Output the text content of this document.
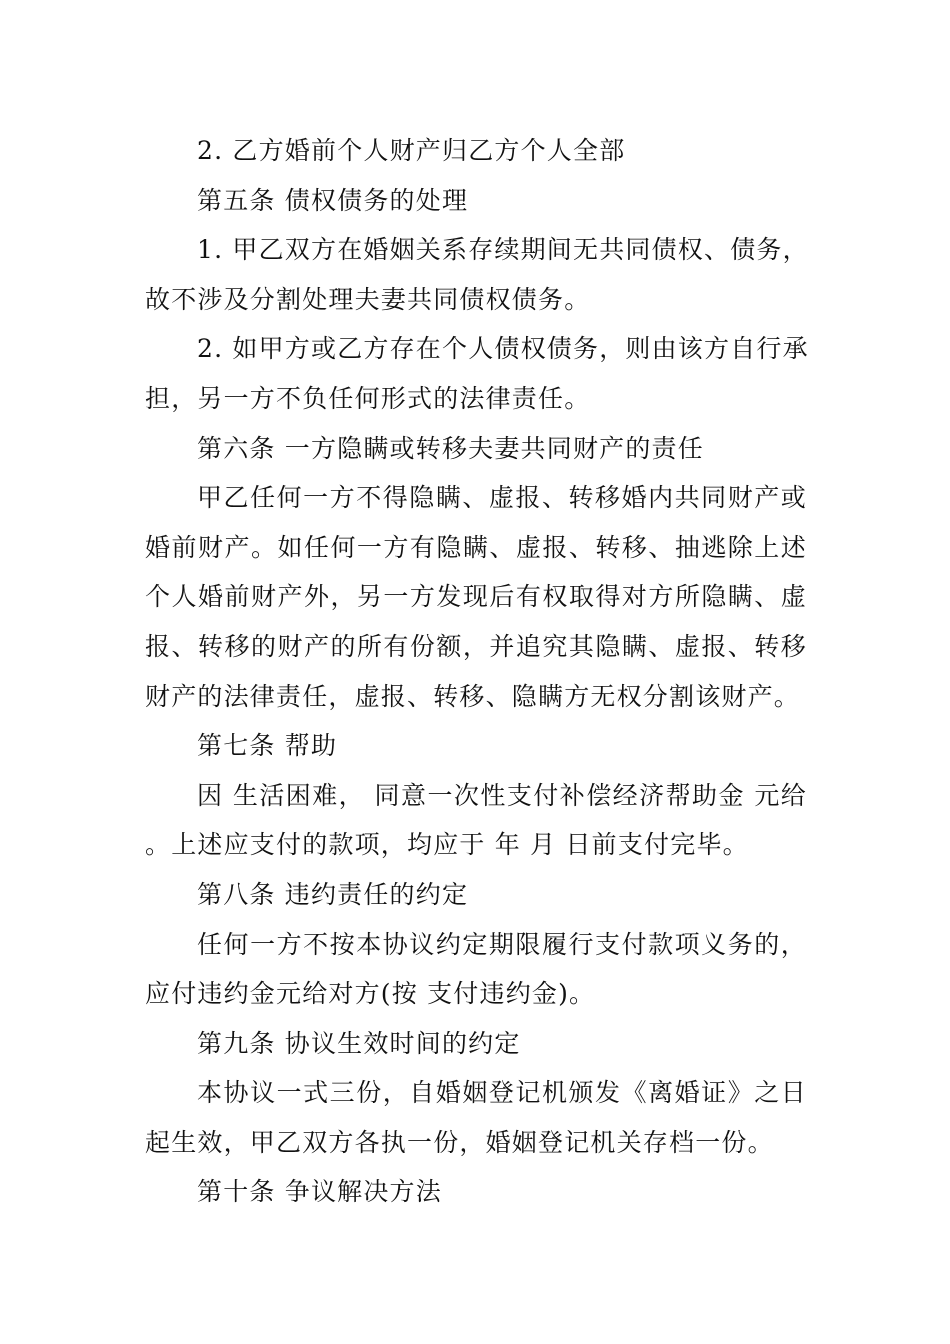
2. 乙方婚前个人财产归乙方个人全部
第五条 债权债务的处理
1. 甲乙双方在婚姻关系存续期间无共同债权、债务，
故不涉及分割处理夫妻共同债权债务。
2. 如甲方或乙方存在个人债权债务，则由该方自行承
担，另一方不负任何形式的法律责任。
第六条 一方隐瞒或转移夫妻共同财产的责任
甲乙任何一方不得隐瞒、虚报、转移婚内共同财产或
婚前财产。如任何一方有隐瞒、虚报、转移、抽逃除上述
个人婚前财产外，另一方发现后有权取得对方所隐瞒、虚
报、转移的财产的所有份额，并追究其隐瞒、虚报、转移
财产的法律责任，虚报、转移、隐瞒方无权分割该财产。
第七条 帮助
因 生活困难， 同意一次性支付补偿经济帮助金 元给
。上述应支付的款项，均应于 年 月 日前支付完毕。
第八条 违约责任的约定
任何一方不按本协议约定期限履行支付款项义务的，
应付违约金元给对方(按 支付违约金)。
第九条 协议生效时间的约定
本协议一式三份，自婚姻登记机颁发《离婚证》之日
起生效，甲乙双方各执一份，婚姻登记机关存档一份。
第十条 争议解决方法
